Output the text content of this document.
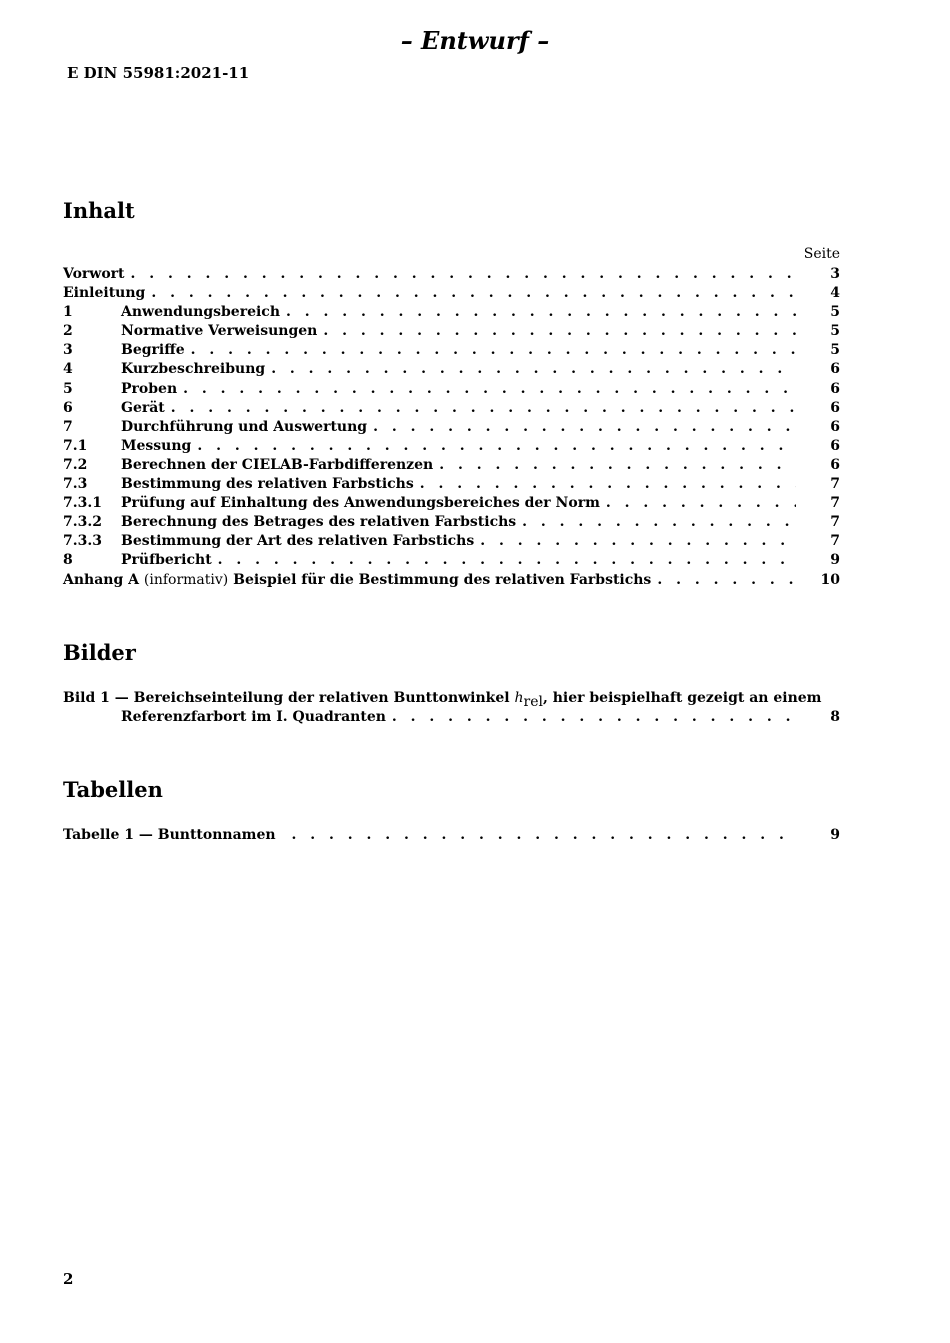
– Entwurf –
E DIN 55981:2021-11
Inhalt
Seite
Vorwort . . .	3
Einleitung . . .	4
1	Anwendungsbereich . . .	5
2	Normative Verweisungen . . .	5
3	Begriffe . . .	5
4	Kurzbeschreibung . . .	6
5	Proben . . .	6
6	Gerät . . .	6
7	Durchführung und Auswertung . . .	6
7.1	Messung . . .	6
7.2	Berechnen der CIELAB-Farbdifferenzen . . .	6
7.3	Bestimmung des relativen Farbstichs . . .	7
7.3.1	Prüfung auf Einhaltung des Anwendungsbereiches der Norm . . .	7
7.3.2	Berechnung des Betrages des relativen Farbstichs . . .	7
7.3.3	Bestimmung der Art des relativen Farbstichs . . .	7
8	Prüfbericht . . .	9
Anhang A (informativ) Beispiel für die Bestimmung des relativen Farbstichs . . .	10
Bilder
Bild 1 — Bereichseinteilung der relativen Bunttonwinkel $h_{rel}$, hier beispielhaft gezeigt an einem
Referenzfarbort im I. Quadranten . . .	8
Tabellen
Tabelle 1 — Bunttonnamen . . .	9
2
